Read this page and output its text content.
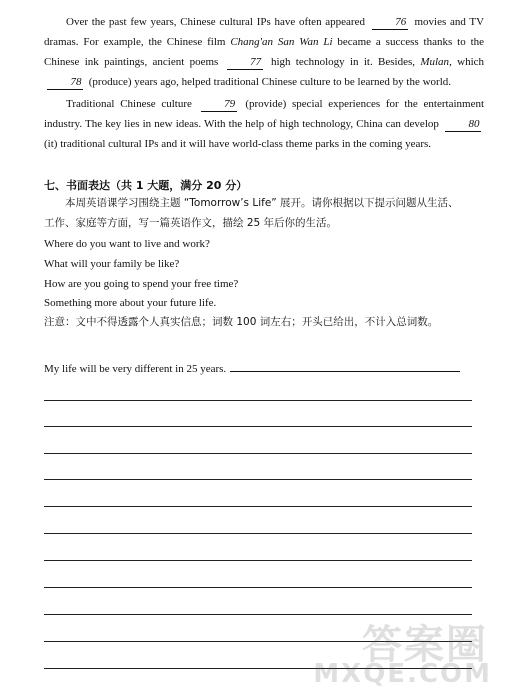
Over the past few years, Chinese cultural IPs have often appeared	76 movies and TV dramas. For example, the Chinese film Chang'an San Wan Li became a success thanks to the Chinese ink paintings, ancient poems	77 high technology in it. Besides, Mulan, which 78 (produce) years ago, helped traditional Chinese culture to be learned by the world.
Traditional Chinese culture	79 (provide) special experiences for the entertainment industry. The key lies in new ideas. With the help of high technology, China can develop	80 (it) traditional cultural IPs and it will have world-class theme parks in the coming years.
七、书面表达（共 1 大题，满分 20 分）
本周英语课学习围绕主题 “Tomorrow’s Life” 展开。请你根据以下提示问题从生活、
工作、家庭等方面，写一篇英语作文，描绘 25 年后你的生活。
Where do you want to live and work?
What will your family be like?
How are you going to spend your free time?
Something more about your future life.
注意：文中不得透露个人真实信息；词数 100 词左右；开头已给出，不计入总词数。
My life will be very different in 25 years.
答案圈
MXQE.COM
